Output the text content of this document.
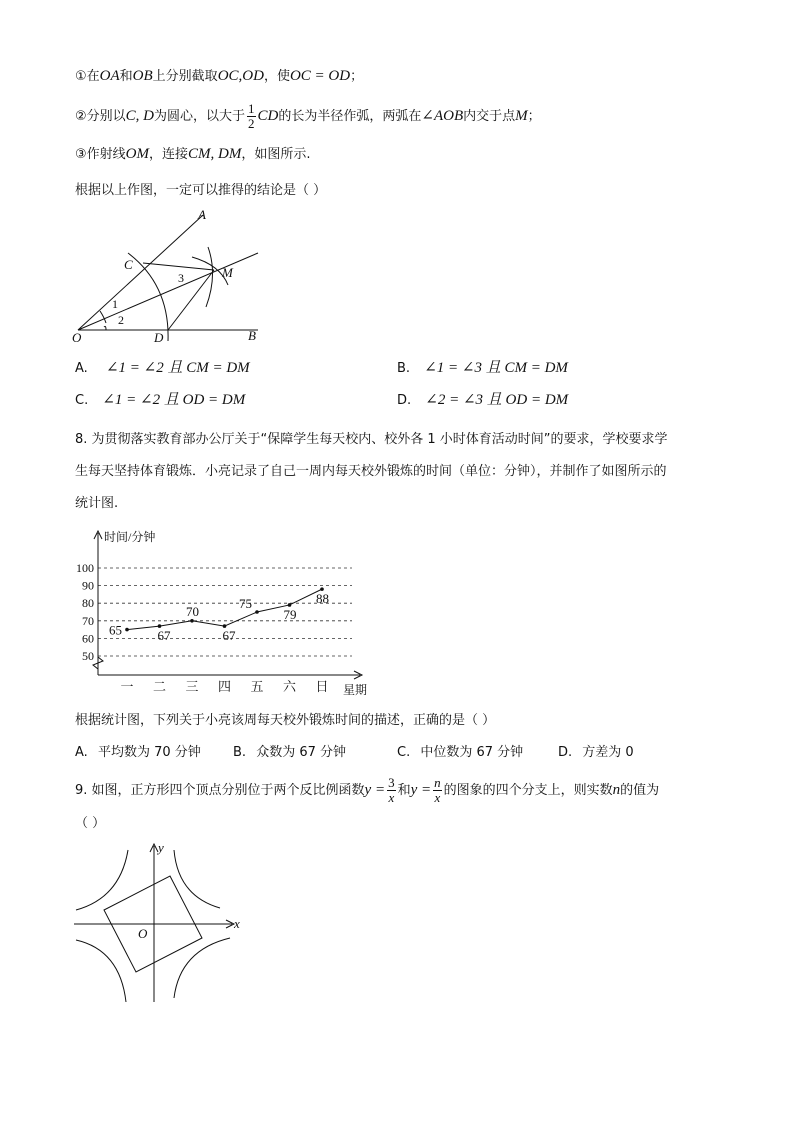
①在OA和OB上分别截取OC,OD，使OC = OD；
②分别以C, D为圆心，以大于 $\frac{1}{2}$ CD的长为半径作弧，两弧在∠AOB内交于点M；
③作射线OM，连接CM, DM，如图所示.
根据以上作图，一定可以推得的结论是（ ）
A
B
C
D
M
O
1
2
3
A. ∠1 = ∠2 且 CM = DM	B. ∠1 = ∠3 且 CM = DM
C. ∠1 = ∠2 且 OD = DM	D. ∠2 = ∠3 且 OD = DM
8. 为贯彻落实教育部办公厅关于“保障学生每天校内、校外各 1 小时体育活动时间”的要求，学校要求学
生每天坚持体育锻炼．小亮记录了自己一周内每天校外锻炼的时间（单位：分钟），并制作了如图所示的
统计图.
50
60
70
80
90
100
时间/分钟
星期
一 二 三 四 五 六 日
65	67
70
67
75
79
88
根据统计图，下列关于小亮该周每天校外锻炼时间的描述，正确的是（ ）
A. 平均数为 70 分钟 B. 众数为 67 分钟	C. 中位数为 67 分钟	D. 方差为 0
9. 如图，正方形四个顶点分别位于两个反比例函数$y = \frac{3}{x}$ 和$y = \frac{n}{x}$ 的图象的四个分支上，则实数n的值为
（ ）
x
y
O
